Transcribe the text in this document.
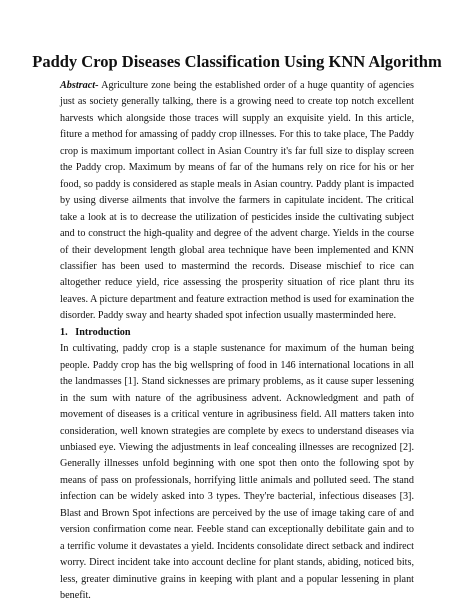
Paddy Crop Diseases Classification Using KNN Algorithm

Abstract- Agriculture zone being the established order of a huge quantity of agencies just as society generally talking, there is a growing need to create top notch excellent harvests which alongside those traces will supply an exquisite yield. In this article, fiture a method for amassing of paddy crop illnesses. For this to take place, The Paddy crop is maximum important collect in Asian Country it's far full size to display screen the Paddy crop. Maximum by means of far of the humans rely on rice for his or her food, so paddy is considered as staple meals in Asian country. Paddy plant is impacted by using diverse ailments that involve the farmers in capitulate incident. The critical take a look at is to decrease the utilization of pesticides inside the cultivating subject and to construct the high-quality and degree of the advent charge. Yields in the course of their development length global area technique have been implemented and KNN classifier has been used to mastermind the records. Disease mischief to rice can altogether reduce yield, rice assessing the prosperity situation of rice plant thru its leaves. A picture department and feature extraction method is used for examination the disorder. Paddy sway and hearty shaded spot infection usually masterminded here.

1.   Introduction

In cultivating, paddy crop is a staple sustenance for maximum of the human being people. Paddy crop has the big wellspring of food in 146 international locations in all the landmasses [1]. Stand sicknesses are primary problems, as it cause super lessening in the sum with nature of the agribusiness advent. Acknowledgment and path of movement of diseases is a critical venture in agribusiness field. All matters taken into consideration, well known strategies are complete by execs to understand diseases via unbiased eye. Viewing the adjustments in leaf concealing illnesses are recognized [2]. Generally illnesses unfold beginning with one spot then onto the following spot by means of pass on professionals, horrifying little animals and polluted seed. The stand infection can be widely asked into 3 types. They're bacterial, infectious diseases [3]. Blast and Brown Spot infections are perceived by the use of image taking care of and version confirmation come near. Feeble stand can exceptionally debilitate gain and to a terrific volume it devastates a yield. Incidents consolidate direct setback and indirect worry. Direct incident take into account decline for plant stands, abiding, noticed bits, less, greater diminutive grains in keeping with plant and a popular lessening in plant benefit.
